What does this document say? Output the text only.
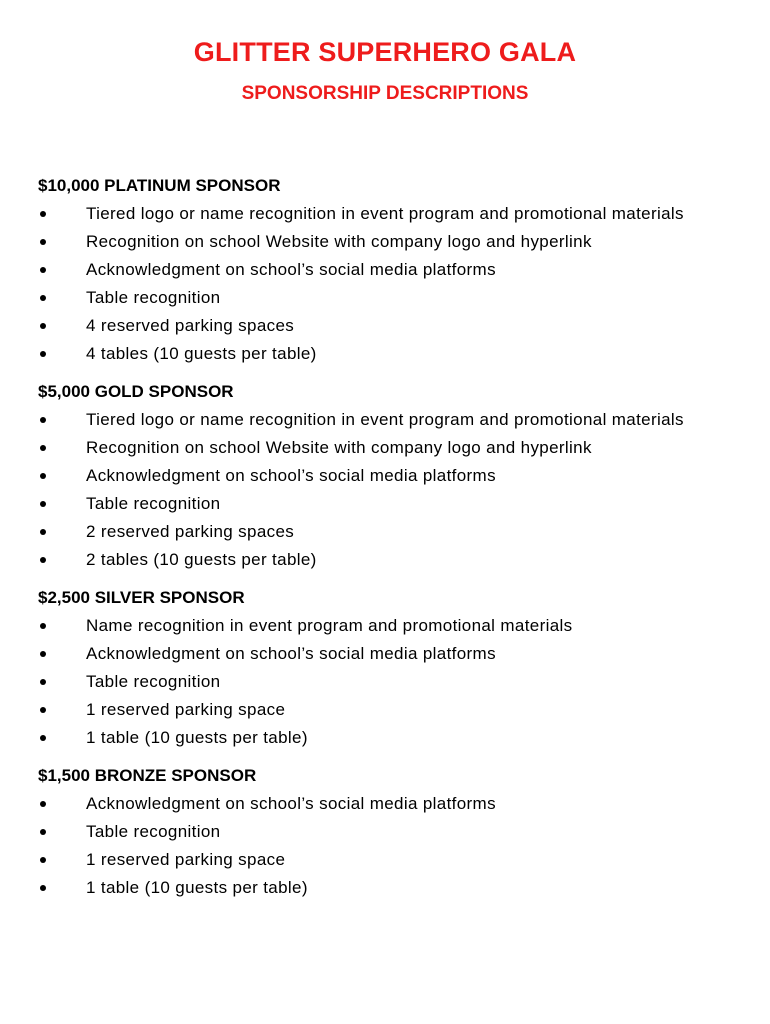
GLITTER SUPERHERO GALA
SPONSORSHIP DESCRIPTIONS
$10,000 PLATINUM SPONSOR
Tiered logo or name recognition in event program and promotional materials
Recognition on school Website with company logo and hyperlink
Acknowledgment on school’s social media platforms
Table recognition
4 reserved parking spaces
4 tables (10 guests per table)
$5,000 GOLD SPONSOR
Tiered logo or name recognition in event program and promotional materials
Recognition on school Website with company logo and hyperlink
Acknowledgment on school’s social media platforms
Table recognition
2 reserved parking spaces
2 tables (10 guests per table)
$2,500 SILVER SPONSOR
Name recognition in event program and promotional materials
Acknowledgment on school’s social media platforms
Table recognition
1 reserved parking space
1 table (10 guests per table)
$1,500 BRONZE SPONSOR
Acknowledgment on school’s social media platforms
Table recognition
1 reserved parking space
1 table (10 guests per table)
